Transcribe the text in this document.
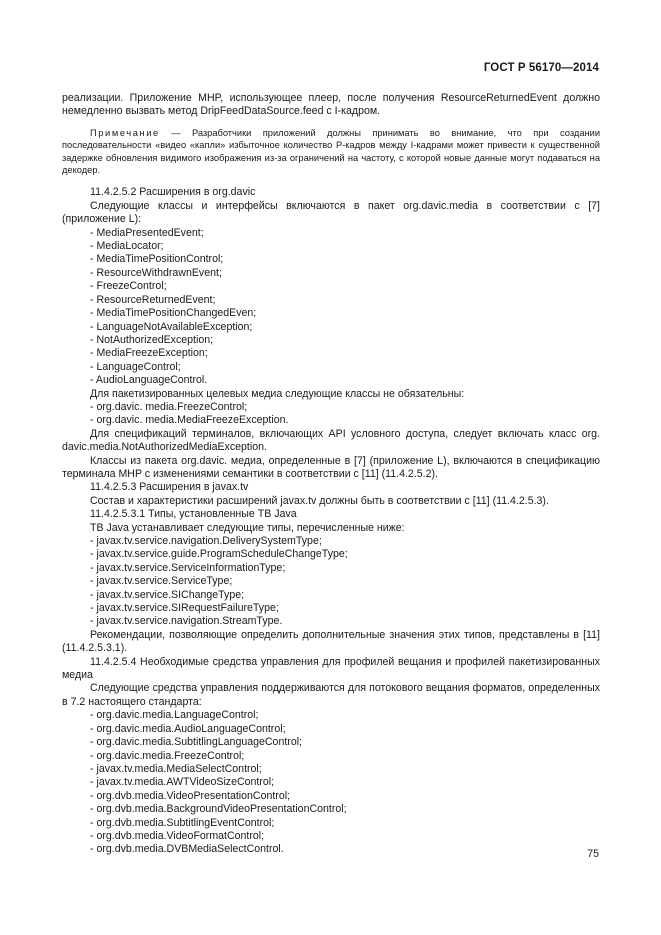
ГОСТ Р 56170—2014

реализации. Приложение MHP, использующее плеер, после получения ResourceReturnedEvent должно немедленно вызвать метод DripFeedDataSource.feed с I-кадром.

Примечание — Разработчики приложений должны принимать во внимание, что при создании последовательности «видео «капли» избыточное количество P-кадров между I-кадрами может привести к существенной задержке обновления видимого изображения из-за ограничений на частоту, с которой новые данные могут подаваться на декодер.

11.4.2.5.2 Расширения в org.davic

Следующие классы и интерфейсы включаются в пакет org.davic.media в соответствии с [7] (приложение L):

- MediaPresentedEvent;
- MediaLocator;
- MediaTimePositionControl;
- ResourceWithdrawnEvent;
- FreezeControl;
- ResourceReturnedEvent;
- MediaTimePositionChangedEven;
- LanguageNotAvailableException;
- NotAuthorizedException;
- MediaFreezeException;
- LanguageControl;
- AudioLanguageControl.

Для пакетизированных целевых медиа следующие классы не обязательны:

- org.davic. media.FreezeControl;
- org.davic. media.MediaFreezeException.

Для спецификаций терминалов, включающих API условного доступа, следует включать класс org. davic.media.NotAuthorizedMediaException.

Классы из пакета org.davic. медиа, определенные в [7] (приложение L), включаются в спецификацию терминала MHP с изменениями семантики в соответствии с [11] (11.4.2.5.2).

11.4.2.5.3 Расширения в javax.tv

Состав и характеристики расширений javax.tv должны быть в соответствии с [11] (11.4.2.5.3).

11.4.2.5.3.1 Типы, установленные ТВ Java

ТВ Java устанавливает следующие типы, перечисленные ниже:

- javax.tv.service.navigation.DeliverySystemType;
- javax.tv.service.guide.ProgramScheduleChangeType;
- javax.tv.service.ServiceInformationType;
- javax.tv.service.ServiceType;
- javax.tv.service.SIChangeType;
- javax.tv.service.SIRequestFailureType;
- javax.tv.service.navigation.StreamType.

Рекомендации, позволяющие определить дополнительные значения этих типов, представлены в [11] (11.4.2.5.3.1).

11.4.2.5.4 Необходимые средства управления для профилей вещания и профилей пакетизированных медиа

Следующие средства управления поддерживаются для потокового вещания форматов, определенных в 7.2 настоящего стандарта:

- org.davic.media.LanguageControl;
- org.davic.media.AudioLanguageControl;
- org.davic.media.SubtitlingLanguageControl;
- org.davic.media.FreezeControl;
- javax.tv.media.MediaSelectControl;
- javax.tv.media.AWTVideoSizeControl;
- org.dvb.media.VideoPresentationControl;
- org.dvb.media.BackgroundVideoPresentationControl;
- org.dvb.media.SubtitlingEventControl;
- org.dvb.media.VideoFormatControl;
- org.dvb.media.DVBMediaSelectControl.	75
